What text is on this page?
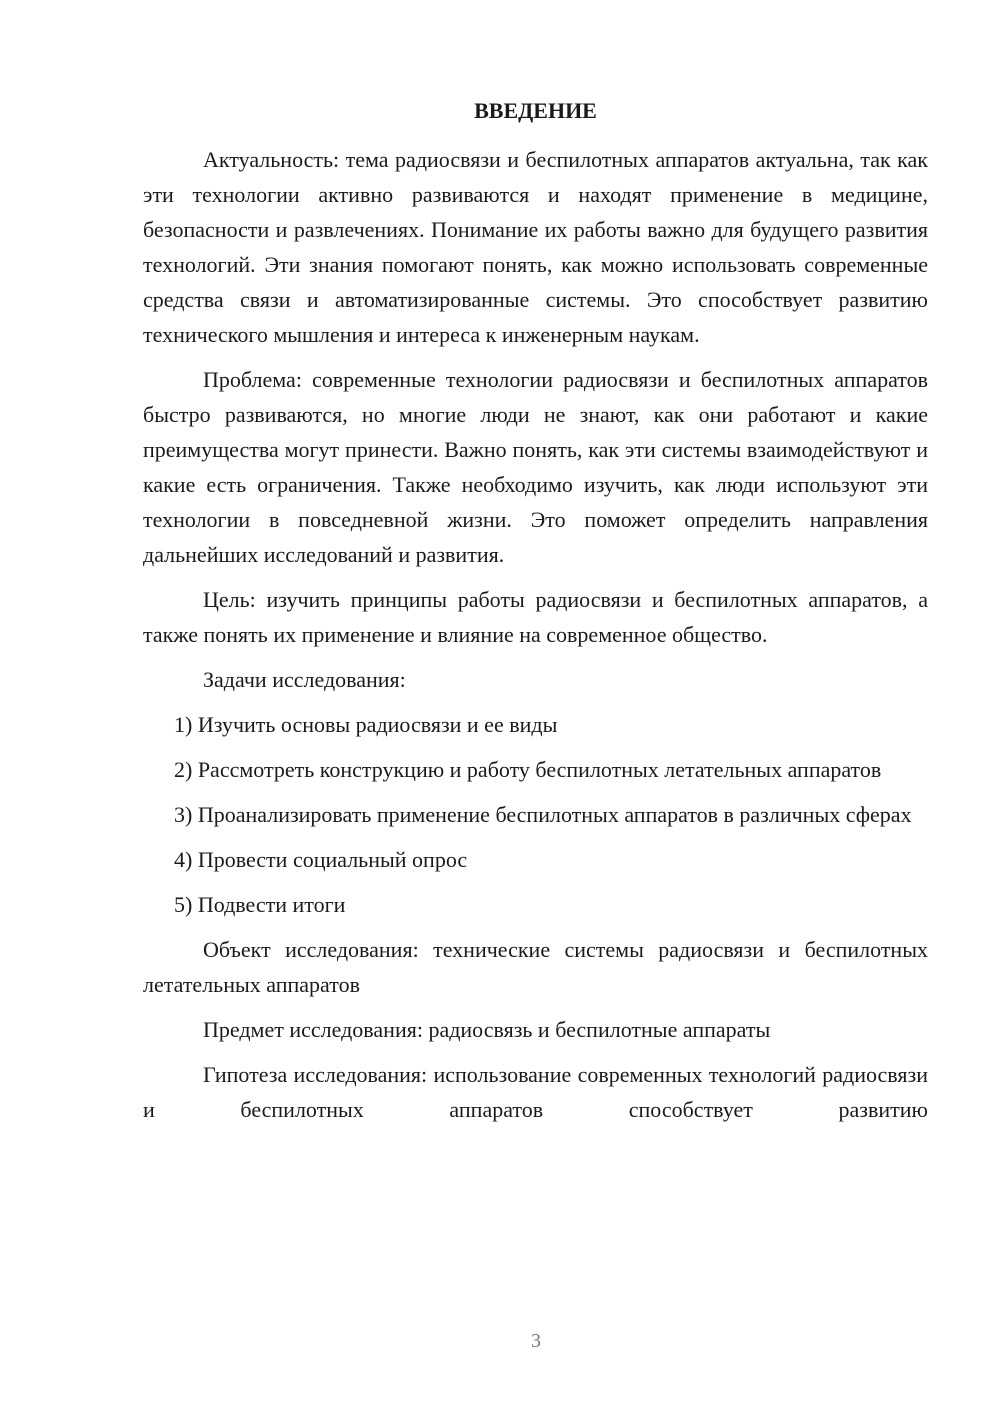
ВВЕДЕНИЕ

Актуальность: тема радиосвязи и беспилотных аппаратов актуальна, так как эти технологии активно развиваются и находят применение в медицине, безопасности и развлечениях. Понимание их работы важно для будущего развития технологий. Эти знания помогают понять, как можно использовать современные средства связи и автоматизированные системы. Это способствует развитию технического мышления и интереса к инженерным наукам.

Проблема: современные технологии радиосвязи и беспилотных аппаратов быстро развиваются, но многие люди не знают, как они работают и какие преимущества могут принести. Важно понять, как эти системы взаимодействуют и какие есть ограничения. Также необходимо изучить, как люди используют эти технологии в повседневной жизни. Это поможет определить направления дальнейших исследований и развития.

Цель: изучить принципы работы радиосвязи и беспилотных аппаратов, а также понять их применение и влияние на современное общество.

Задачи исследования:

1) Изучить основы радиосвязи и ее виды

2) Рассмотреть конструкцию и работу беспилотных летательных аппаратов

3) Проанализировать применение беспилотных аппаратов в различных сферах

4) Провести социальный опрос

5) Подвести итоги

Объект исследования: технические системы радиосвязи и беспилотных летательных аппаратов

Предмет исследования: радиосвязь и беспилотные аппараты

Гипотеза исследования: использование современных технологий радиосвязи и беспилотных аппаратов способствует развитию

3
